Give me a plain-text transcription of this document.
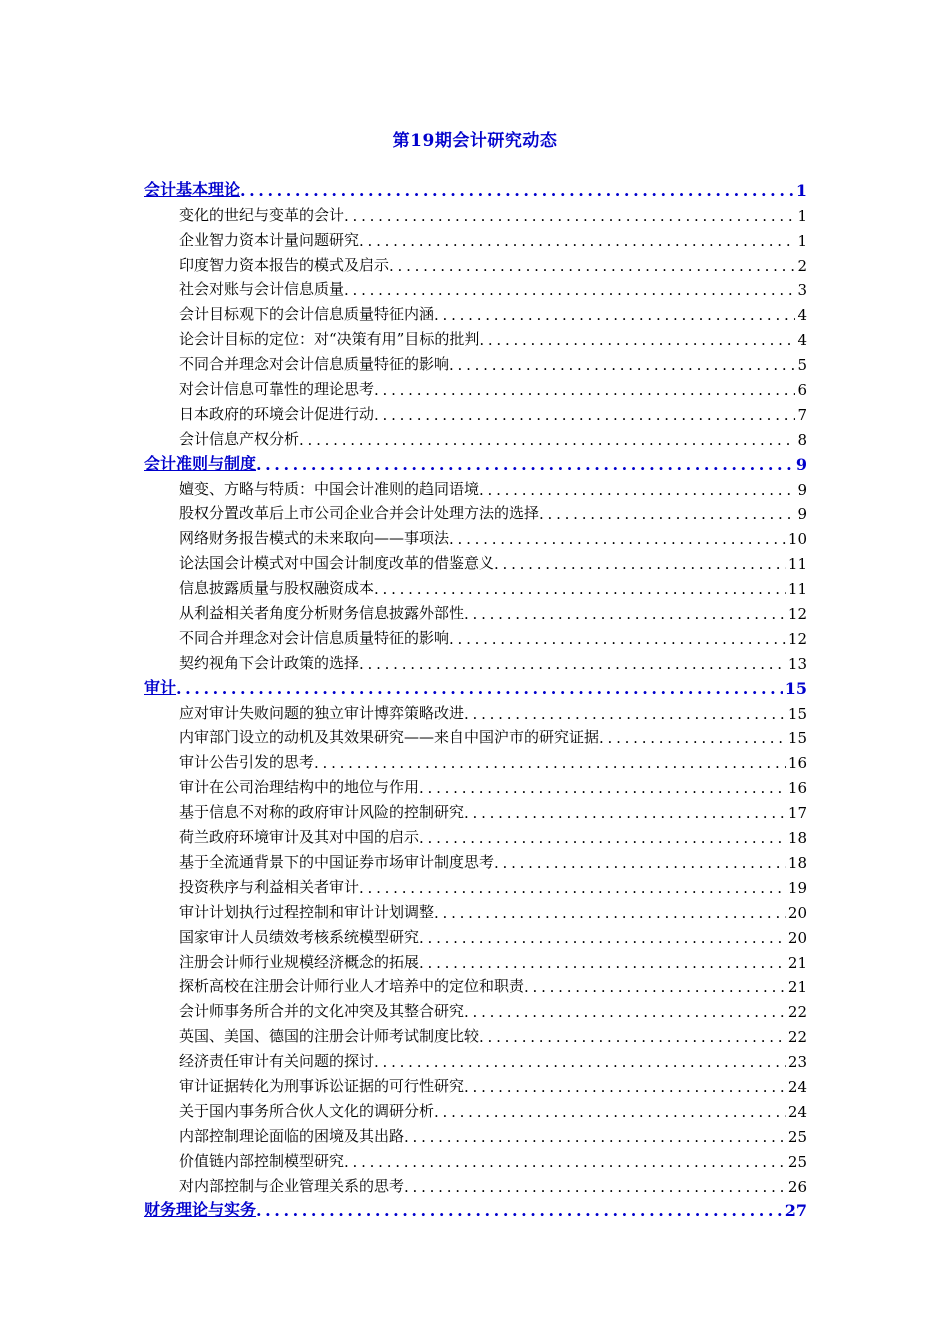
第19期会计研究动态
会计基本理论 . . .	1
变化的世纪与变革的会计 . . .	1
企业智力资本计量问题研究 . . .	1
印度智力资本报告的模式及启示 . . .	2
社会对账与会计信息质量 . . .	3
会计目标观下的会计信息质量特征内涵 . . .	4
论会计目标的定位：对“决策有用”目标的批判 . . .	4
不同合并理念对会计信息质量特征的影响 . . .	5
对会计信息可靠性的理论思考 . . .	6
日本政府的环境会计促进行动 . . .	7
会计信息产权分析 . . .	8
会计准则与制度 . . .	9
嬗变、方略与特质：中国会计准则的趋同语境 . . .	9
股权分置改革后上市公司企业合并会计处理方法的选择 . . .	9
网络财务报告模式的未来取向——事项法 . . .	10
论法国会计模式对中国会计制度改革的借鉴意义 . . .	11
信息披露质量与股权融资成本 . . .	11
从利益相关者角度分析财务信息披露外部性 . . .	12
不同合并理念对会计信息质量特征的影响 . . .	12
契约视角下会计政策的选择 . . .	13
审计 . . .	15
应对审计失败问题的独立审计博弈策略改进 . . .	15
内审部门设立的动机及其效果研究——来自中国沪市的研究证据 . . .	15
审计公告引发的思考 . . .	16
审计在公司治理结构中的地位与作用 . . .	16
基于信息不对称的政府审计风险的控制研究 . . .	17
荷兰政府环境审计及其对中国的启示 . . .	18
基于全流通背景下的中国证券市场审计制度思考 . . .	18
投资秩序与利益相关者审计 . . .	19
审计计划执行过程控制和审计计划调整 . . .	20
国家审计人员绩效考核系统模型研究 . . .	20
注册会计师行业规模经济概念的拓展 . . .	21
探析高校在注册会计师行业人才培养中的定位和职责 . . .	21
会计师事务所合并的文化冲突及其整合研究 . . .	22
英国、美国、德国的注册会计师考试制度比较 . . .	22
经济责任审计有关问题的探讨 . . .	23
审计证据转化为刑事诉讼证据的可行性研究 . . .	24
关于国内事务所合伙人文化的调研分析 . . .	24
内部控制理论面临的困境及其出路 . . .	25
价值链内部控制模型研究 . . .	25
对内部控制与企业管理关系的思考 . . .	26
财务理论与实务 . . .	27
